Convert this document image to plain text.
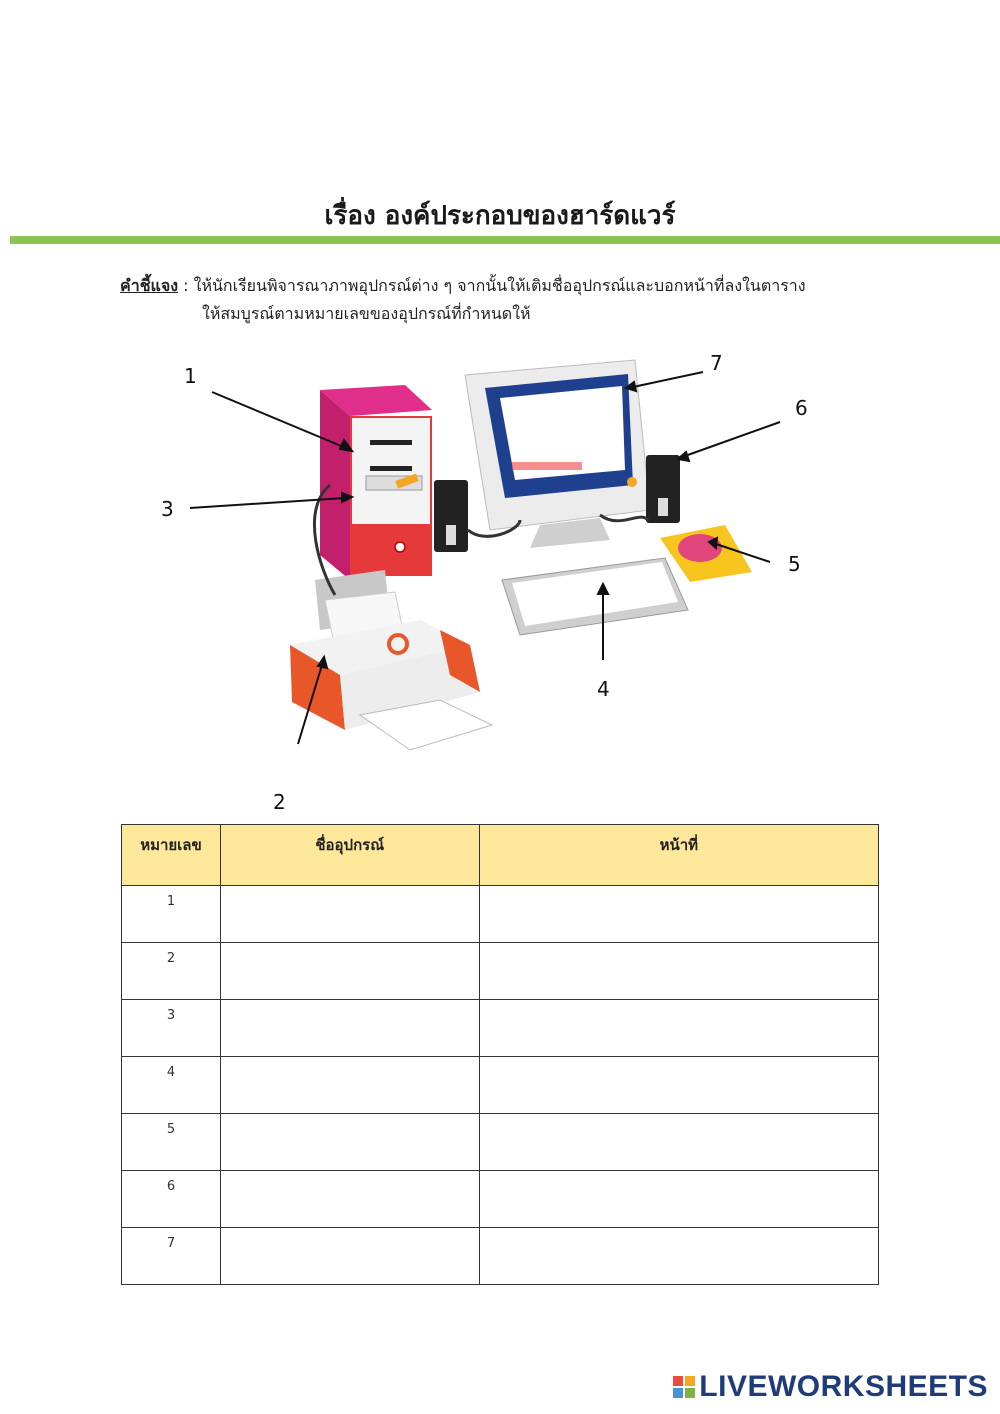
เรื่อง องค์ประกอบของฮาร์ดแวร์
คำชี้แจง : ให้นักเรียนพิจารณาภาพอุปกรณ์ต่าง ๆ จากนั้นให้เติมชื่ออุปกรณ์และบอกหน้าที่ลงในตาราง
ให้สมบูรณ์ตามหมายเลขของอุปกรณ์ที่กำหนดให้
1
2
3
4
5
6
7
หมายเลข	ชื่ออุปกรณ์	หน้าที่
1		
2		
3		
4		
5		
6		
7		
LIVEWORKSHEETS
